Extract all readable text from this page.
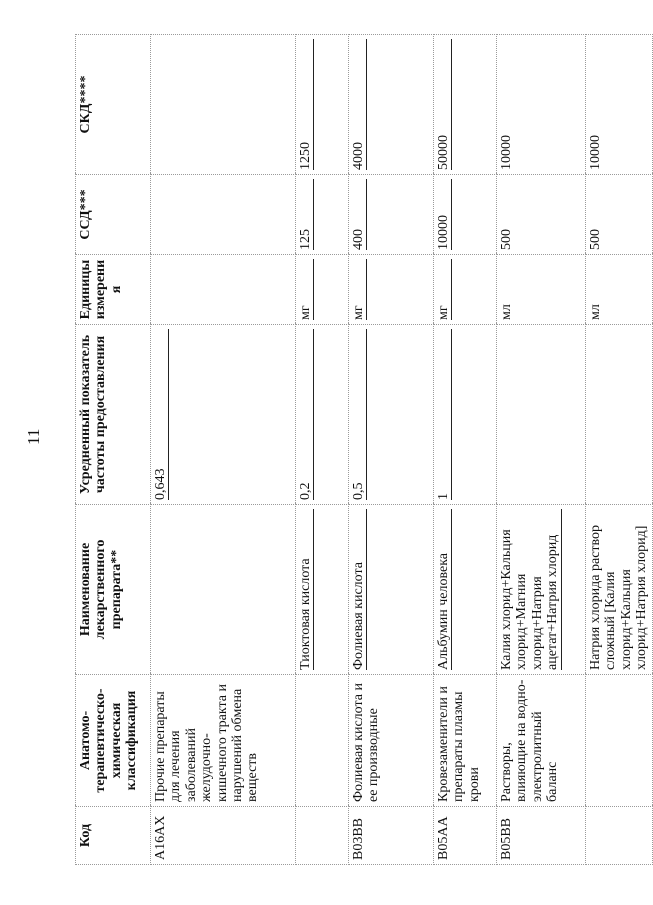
11
Код	Анатомо-терапевтическо-химическая классификация	Наименование лекарственного препарата**	Усредненный показатель частоты предоставления	Единицы измерения	ССД***	СКД****
А16АХ	Прочие препараты для лечения заболеваний желудочно-кишечного тракта и нарушений обмена веществ		0,643			

		Тиоктовая кислота	0,2	мг	125	1250

В03ВВ	Фолиевая кислота и ее производные	Фолиевая кислота	0,5	мг	400	4000

В05АА	Кровезаменители и препараты плазмы крови	Альбумин человека	1	мг	10000	50000

В05ВВ	Растворы, влияющие на водно-электролитный баланс	Калия хлорид+Кальция хлорид+Магния хлорид+Натрия ацетат+Натрия хлорид		мл	500	10000

		Натрия хлорида раствор сложный [Калия хлорид+Кальция хлорид+Натрия хлорид]		мл	500	10000
